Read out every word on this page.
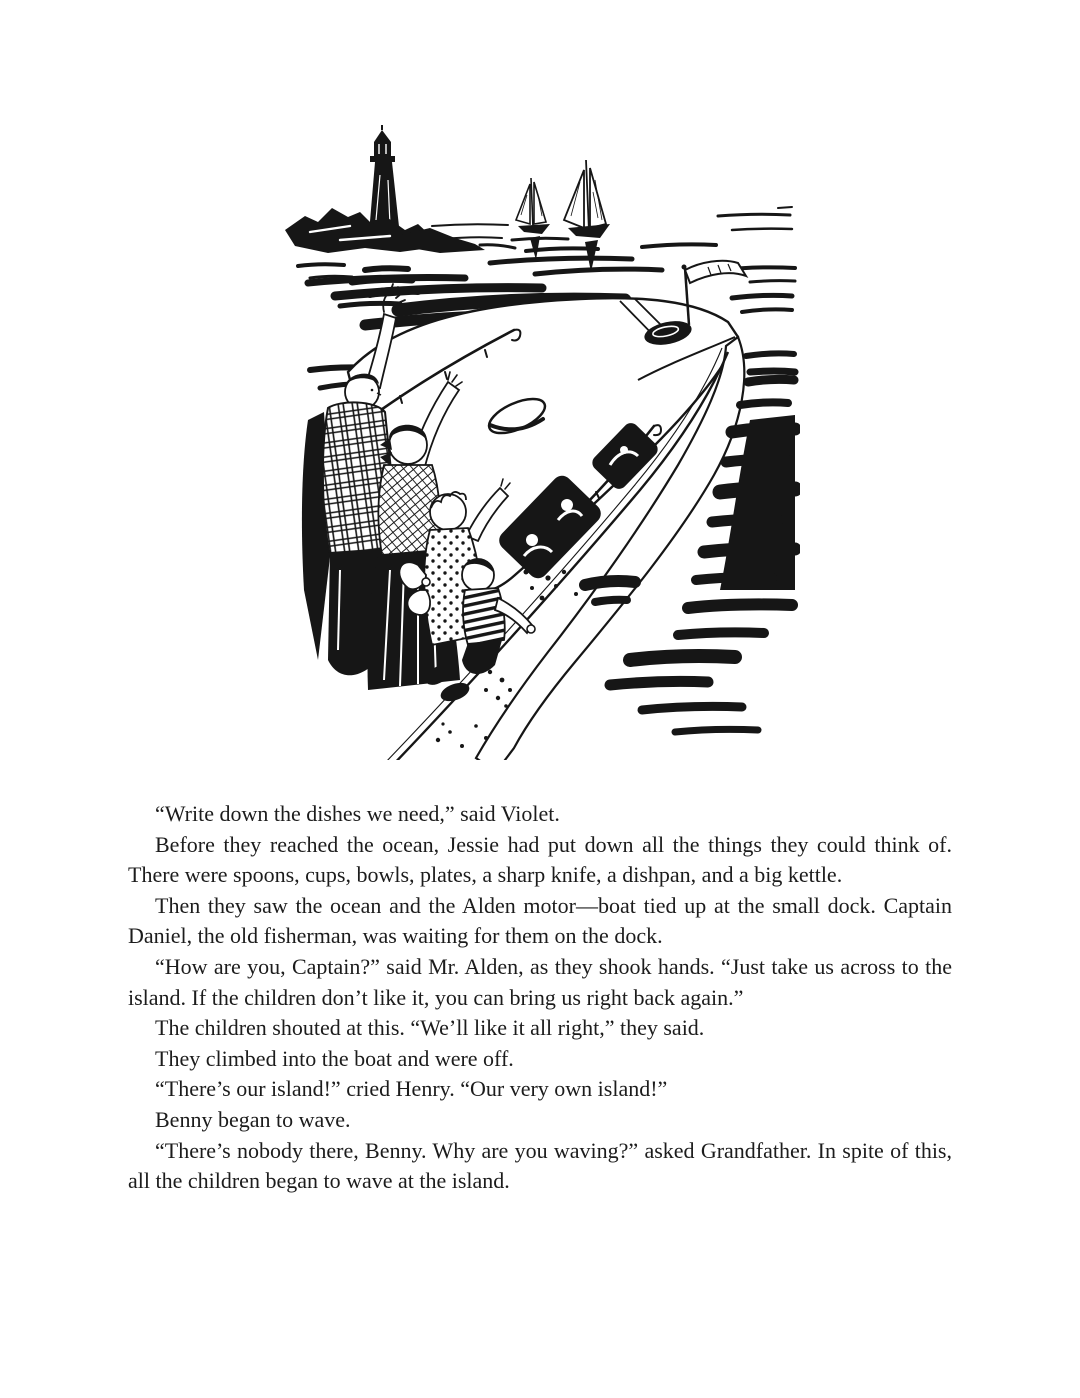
“Write down the dishes we need,” said Violet.

Before they reached the ocean, Jessie had put down all the things they could think of. There were spoons, cups, bowls, plates, a sharp knife, a dishpan, and a big kettle.

Then they saw the ocean and the Alden motor—boat tied up at the small dock. Captain Daniel, the old fisherman, was waiting for them on the dock.

“How are you, Captain?” said Mr. Alden, as they shook hands. “Just take us across to the island. If the children don’t like it, you can bring us right back again.”

The children shouted at this. “We’ll like it all right,” they said.

They climbed into the boat and were off.

“There’s our island!” cried Henry. “Our very own island!”

Benny began to wave.

“There’s nobody there, Benny. Why are you waving?” asked Grandfather. In spite of this, all the children began to wave at the island.
